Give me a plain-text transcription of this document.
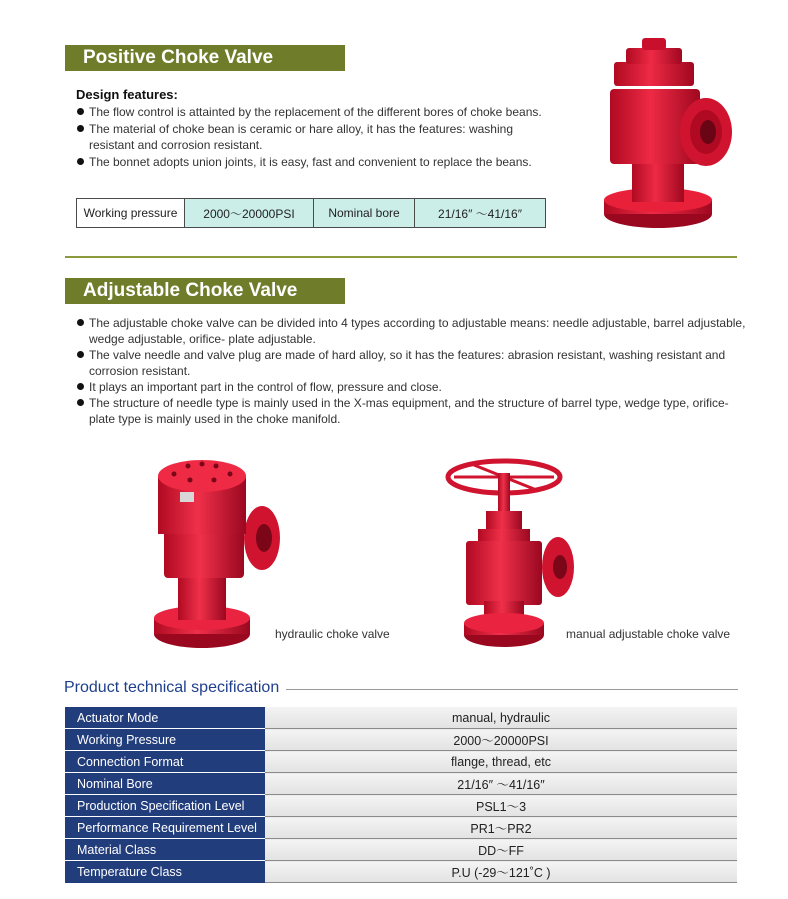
Positive Choke Valve
Design features:
The flow control is attainted by the replacement of the different bores of choke beans.
The material of choke bean is ceramic or hare alloy, it has the features: washing resistant and corrosion resistant.
The bonnet adopts union joints, it is easy, fast and convenient to replace the beans.
Working pressure	2000～20000PSI	Nominal bore	21/16″ ～41/16″
Adjustable Choke Valve
The adjustable choke valve can be divided into 4 types according to adjustable means: needle adjustable, barrel adjustable, wedge adjustable, orifice- plate adjustable.
The valve needle and valve plug are made of hard alloy, so it has the features: abrasion resistant, washing resistant and corrosion resistant.
It plays an important part in the control of flow, pressure and close.
The structure of needle type is mainly used in the X-mas equipment, and the structure of barrel type, wedge type, orifice-plate type is mainly used in the choke manifold.
hydraulic choke valve	manual adjustable choke valve
Product technical specification
Actuator Mode	manual, hydraulic
Working Pressure	2000～20000PSI
Connection Format	flange, thread, etc
Nominal Bore	21/16″ ～41/16″
Production Specification Level	PSL1～3
Performance Requirement Level	PR1～PR2
Material Class	DD～FF
Temperature Class	P.U (-29～121˚C )
